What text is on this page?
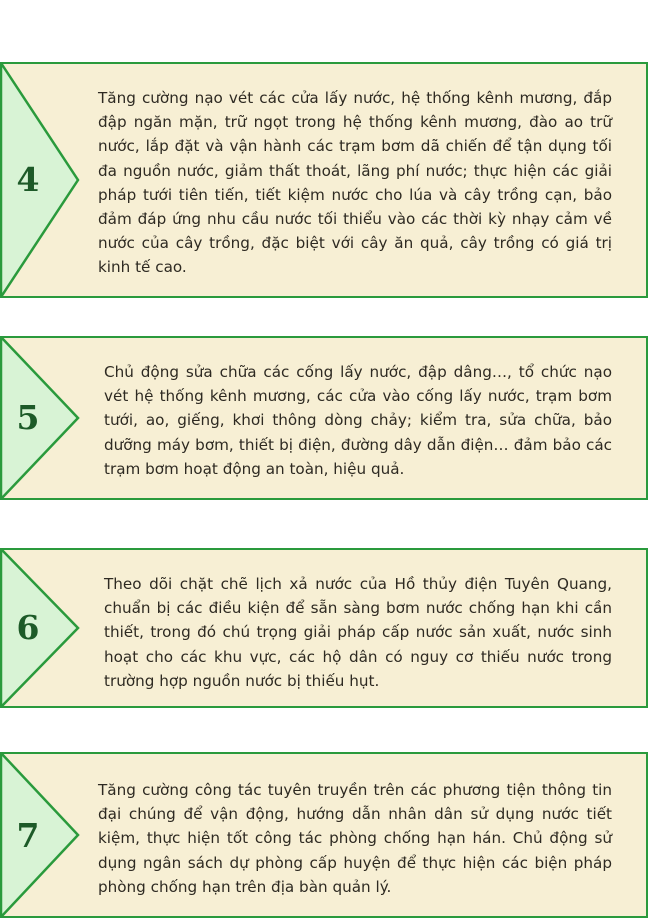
4

Tăng cường nạo vét các cửa lấy nước, hệ thống kênh mương, đắp đập ngăn mặn, trữ ngọt trong hệ thống kênh mương, đào ao trữ nước, lắp đặt và vận hành các trạm bơm dã chiến để tận dụng tối đa nguồn nước, giảm thất thoát, lãng phí nước; thực hiện các giải pháp tưới tiên tiến, tiết kiệm nước cho lúa và cây trồng cạn, bảo đảm đáp ứng nhu cầu nước tối thiểu vào các thời kỳ nhạy cảm về nước của cây trồng, đặc biệt với cây ăn quả, cây trồng có giá trị kinh tế cao.

5

Chủ động sửa chữa các cống lấy nước, đập dâng…, tổ chức nạo vét hệ thống kênh mương, các cửa vào cống lấy nước, trạm bơm tưới, ao, giếng, khơi thông dòng chảy; kiểm tra, sửa chữa, bảo dưỡng máy bơm, thiết bị điện, đường dây dẫn điện… đảm bảo các trạm bơm hoạt động an toàn, hiệu quả.

6

Theo dõi chặt chẽ lịch xả nước của Hồ thủy điện Tuyên Quang, chuẩn bị các điều kiện để sẵn sàng bơm nước chống hạn khi cần thiết, trong đó chú trọng giải pháp cấp nước sản xuất, nước sinh hoạt cho các khu vực, các hộ dân có nguy cơ thiếu nước trong trường hợp nguồn nước bị thiếu hụt.

7

Tăng cường công tác tuyên truyền trên các phương tiện thông tin đại chúng để vận động, hướng dẫn nhân dân sử dụng nước tiết kiệm, thực hiện tốt công tác phòng chống hạn hán. Chủ động sử dụng ngân sách dự phòng cấp huyện để thực hiện các biện pháp phòng chống hạn trên địa bàn quản lý.
